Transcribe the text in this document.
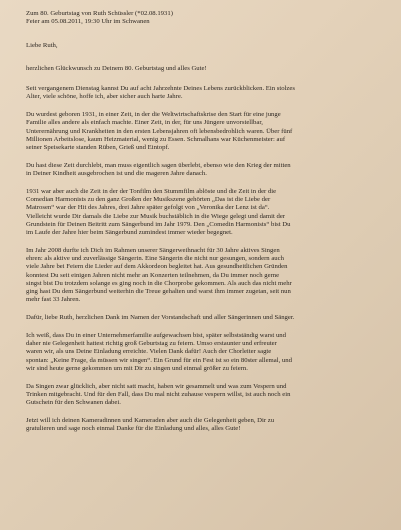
Zum 80. Geburtstag von Ruth Schüssler (*02.08.1931)
Feier am 05.08.2011, 19:30 Uhr im Schwanen

Liebe Ruth,

herzlichen Glückwunsch zu Deinem 80. Geburtstag und alles Gute!

Seit vergangenem Dienstag kannst Du auf acht Jahrzehnte Deines Lebens zurückblicken. Ein stolzes
Alter, viele schöne, hoffe ich, aber sicher auch harte Jahre.

Du wurdest geboren 1931, in einer Zeit, in der die Weltwirtschaftskrise den Start für eine junge
Familie alles andere als einfach machte. Einer Zeit, in der, für uns Jüngere unvorstellbar,
Unterernährung und Krankheiten in den ersten Lebensjahren oft lebensbedrohlich waren. Über fünf
Millionen Arbeitslose, kaum Heizmaterial, wenig zu Essen. Schmalhans war Küchenmeister: auf
seiner Speisekarte standen Rüben, Grieß und Eintopf.

Du hast diese Zeit durchlebt, man muss eigentlich sagen überlebt, ebenso wie den Krieg der mitten
in Deiner Kindheit ausgebrochen ist und die mageren Jahre danach.

1931 war aber auch die Zeit in der der Tonfilm den Stummfilm ablöste und die Zeit in der die
Comedian Harmonists zu den ganz Großen der Musikszene gehörten „Das ist die Liebe der
Matrosen“ war der Hit des Jahres, drei Jahre später gefolgt von „Veronika der Lenz ist da“.
Vielleicht wurde Dir damals die Liebe zur Musik buchstäblich in die Wiege gelegt und damit der
Grundstein für Deinen Beitritt zum Sängerbund im Jahr 1979. Den „Comedin Harmonists“ bist Du
im Laufe der Jahre hier beim Sängerbund zumindest immer wieder begegnet.

Im Jahr 2008 durfte ich Dich im Rahmen unserer Sängerweihnacht für 30 Jahre aktives Singen
ehren: als aktive und zuverlässige Sängerin. Eine Sängerin die nicht nur gesungen, sondern auch
viele Jahre bei Feiern die Lieder auf dem Akkordeon begleitet hat. Aus gesundheitlichen Gründen
konntest Du seit einigen Jahren nicht mehr an Konzerten teilnehmen, da Du immer noch gerne
singst bist Du trotzdem solange es ging noch in die Chorprobe gekommen. Als auch das nicht mehr
ging hast Du dem Sängerbund weiterhin die Treue gehalten und warst ihm immer zugetan, seit nun
mehr fast 33 Jahren.

Dafür, liebe Ruth, herzlichen Dank im Namen der Vorstandschaft und aller Sängerinnen und Sänger.

Ich weiß, dass Du in einer Unternehmerfamilie aufgewachsen bist, später selbstständig warst und
daher nie Gelegenheit hattest richtig groß Geburtstag zu feiern. Umso erstaunter und erfreuter
waren wir, als uns Deine Einladung erreichte. Vielen Dank dafür! Auch der Chorleiter sagte
spontan: „Keine Frage, da müssen wir singen“. Ein Grund für ein Fest ist so ein 80ster allemal, und
wir sind heute gerne gekommen um mit Dir zu singen und einmal größer zu feiern.

Da Singen zwar glücklich, aber nicht satt macht, haben wir gesammelt und was zum Vespern und
Trinken mitgebracht. Und für den Fall, dass Du mal nicht zuhause vespern willst, ist auch noch ein
Gutschein für den Schwanen dabei.

Jetzt will ich deinen Kameradinnen und Kameraden aber auch die Gelegenheit geben, Dir zu
gratulieren und sage noch einmal Danke für die Einladung und alles, alles Gute!
